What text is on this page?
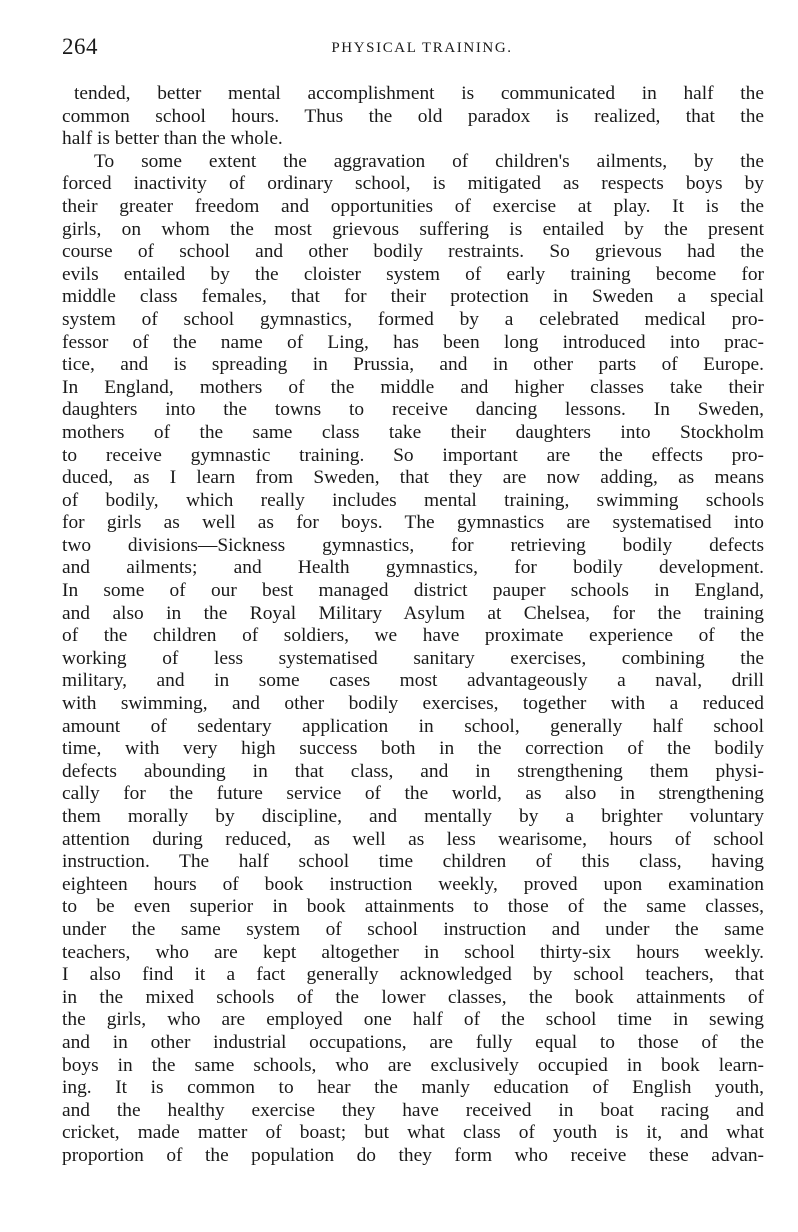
264	PHYSICAL TRAINING.
tended, better mental accomplishment is communicated in half the
common school hours. Thus the old paradox is realized, that the
half is better than the whole.
To some extent the aggravation of children's ailments, by the
forced inactivity of ordinary school, is mitigated as respects boys by
their greater freedom and opportunities of exercise at play. It is the
girls, on whom the most grievous suffering is entailed by the present
course of school and other bodily restraints. So grievous had the
evils entailed by the cloister system of early training become for
middle class females, that for their protection in Sweden a special
system of school gymnastics, formed by a celebrated medical pro-
fessor of the name of Ling, has been long introduced into prac-
tice, and is spreading in Prussia, and in other parts of Europe.
In England, mothers of the middle and higher classes take their
daughters into the towns to receive dancing lessons. In Sweden,
mothers of the same class take their daughters into Stockholm
to receive gymnastic training. So important are the effects pro-
duced, as I learn from Sweden, that they are now adding, as means
of bodily, which really includes mental training, swimming schools
for girls as well as for boys. The gymnastics are systematised into
two divisions—Sickness gymnastics, for retrieving bodily defects
and ailments; and Health gymnastics, for bodily development.
In some of our best managed district pauper schools in England,
and also in the Royal Military Asylum at Chelsea, for the training
of the children of soldiers, we have proximate experience of the
working of less systematised sanitary exercises, combining the
military, and in some cases most advantageously a naval, drill
with swimming, and other bodily exercises, together with a reduced
amount of sedentary application in school, generally half school
time, with very high success both in the correction of the bodily
defects abounding in that class, and in strengthening them physi-
cally for the future service of the world, as also in strengthening
them morally by discipline, and mentally by a brighter voluntary
attention during reduced, as well as less wearisome, hours of school
instruction. The half school time children of this class, having
eighteen hours of book instruction weekly, proved upon examination
to be even superior in book attainments to those of the same classes,
under the same system of school instruction and under the same
teachers, who are kept altogether in school thirty-six hours weekly.
I also find it a fact generally acknowledged by school teachers, that
in the mixed schools of the lower classes, the book attainments of
the girls, who are employed one half of the school time in sewing
and in other industrial occupations, are fully equal to those of the
boys in the same schools, who are exclusively occupied in book learn-
ing. It is common to hear the manly education of English youth,
and the healthy exercise they have received in boat racing and
cricket, made matter of boast; but what class of youth is it, and what
proportion of the population do they form who receive these advan-
